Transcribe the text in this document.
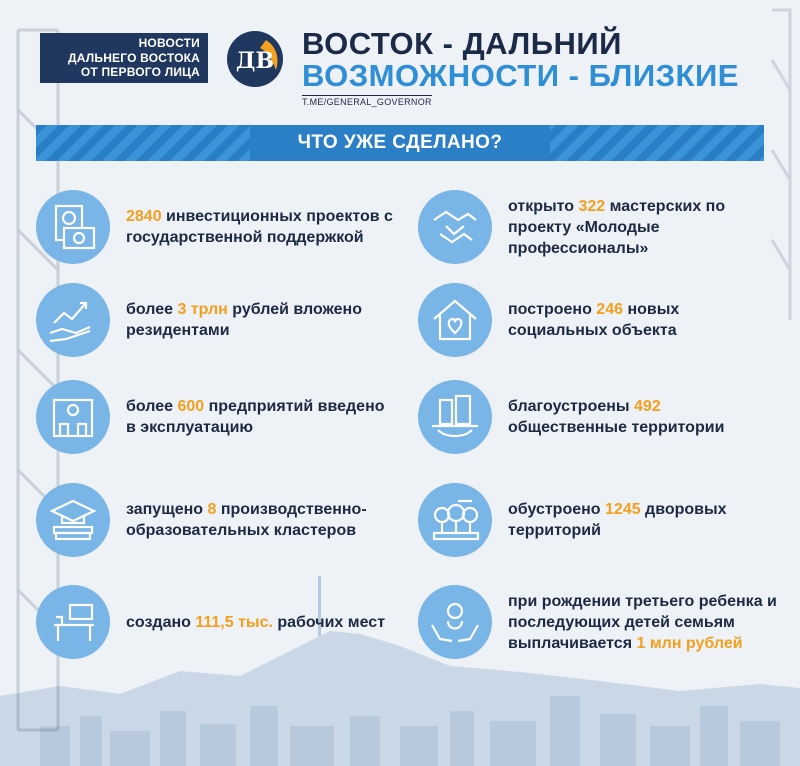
НОВОСТИ
ДАЛЬНЕГО ВОСТОКА
ОТ ПЕРВОГО ЛИЦА ДВ ВОСТОК - ДАЛЬНИЙ
ВОЗМОЖНОСТИ - БЛИЗКИЕ
T.ME/GENERAL_GOVERNOR
ЧТО УЖЕ СДЕЛАНО?
2840 инвестиционных проектов с государственной поддержкой
более 3 трлн рублей вложено резидентами
более 600 предприятий введено в эксплуатацию
запущено 8 производственно-образовательных кластеров
создано 111,5 тыс. рабочих мест
открыто 322 мастерских по проекту «Молодые профессионалы»
построено 246 новых социальных объекта
благоустроены 492 общественные территории
обустроено 1245 дворовых территорий
при рождении третьего ребенка и последующих детей семьям выплачивается 1 млн рублей
